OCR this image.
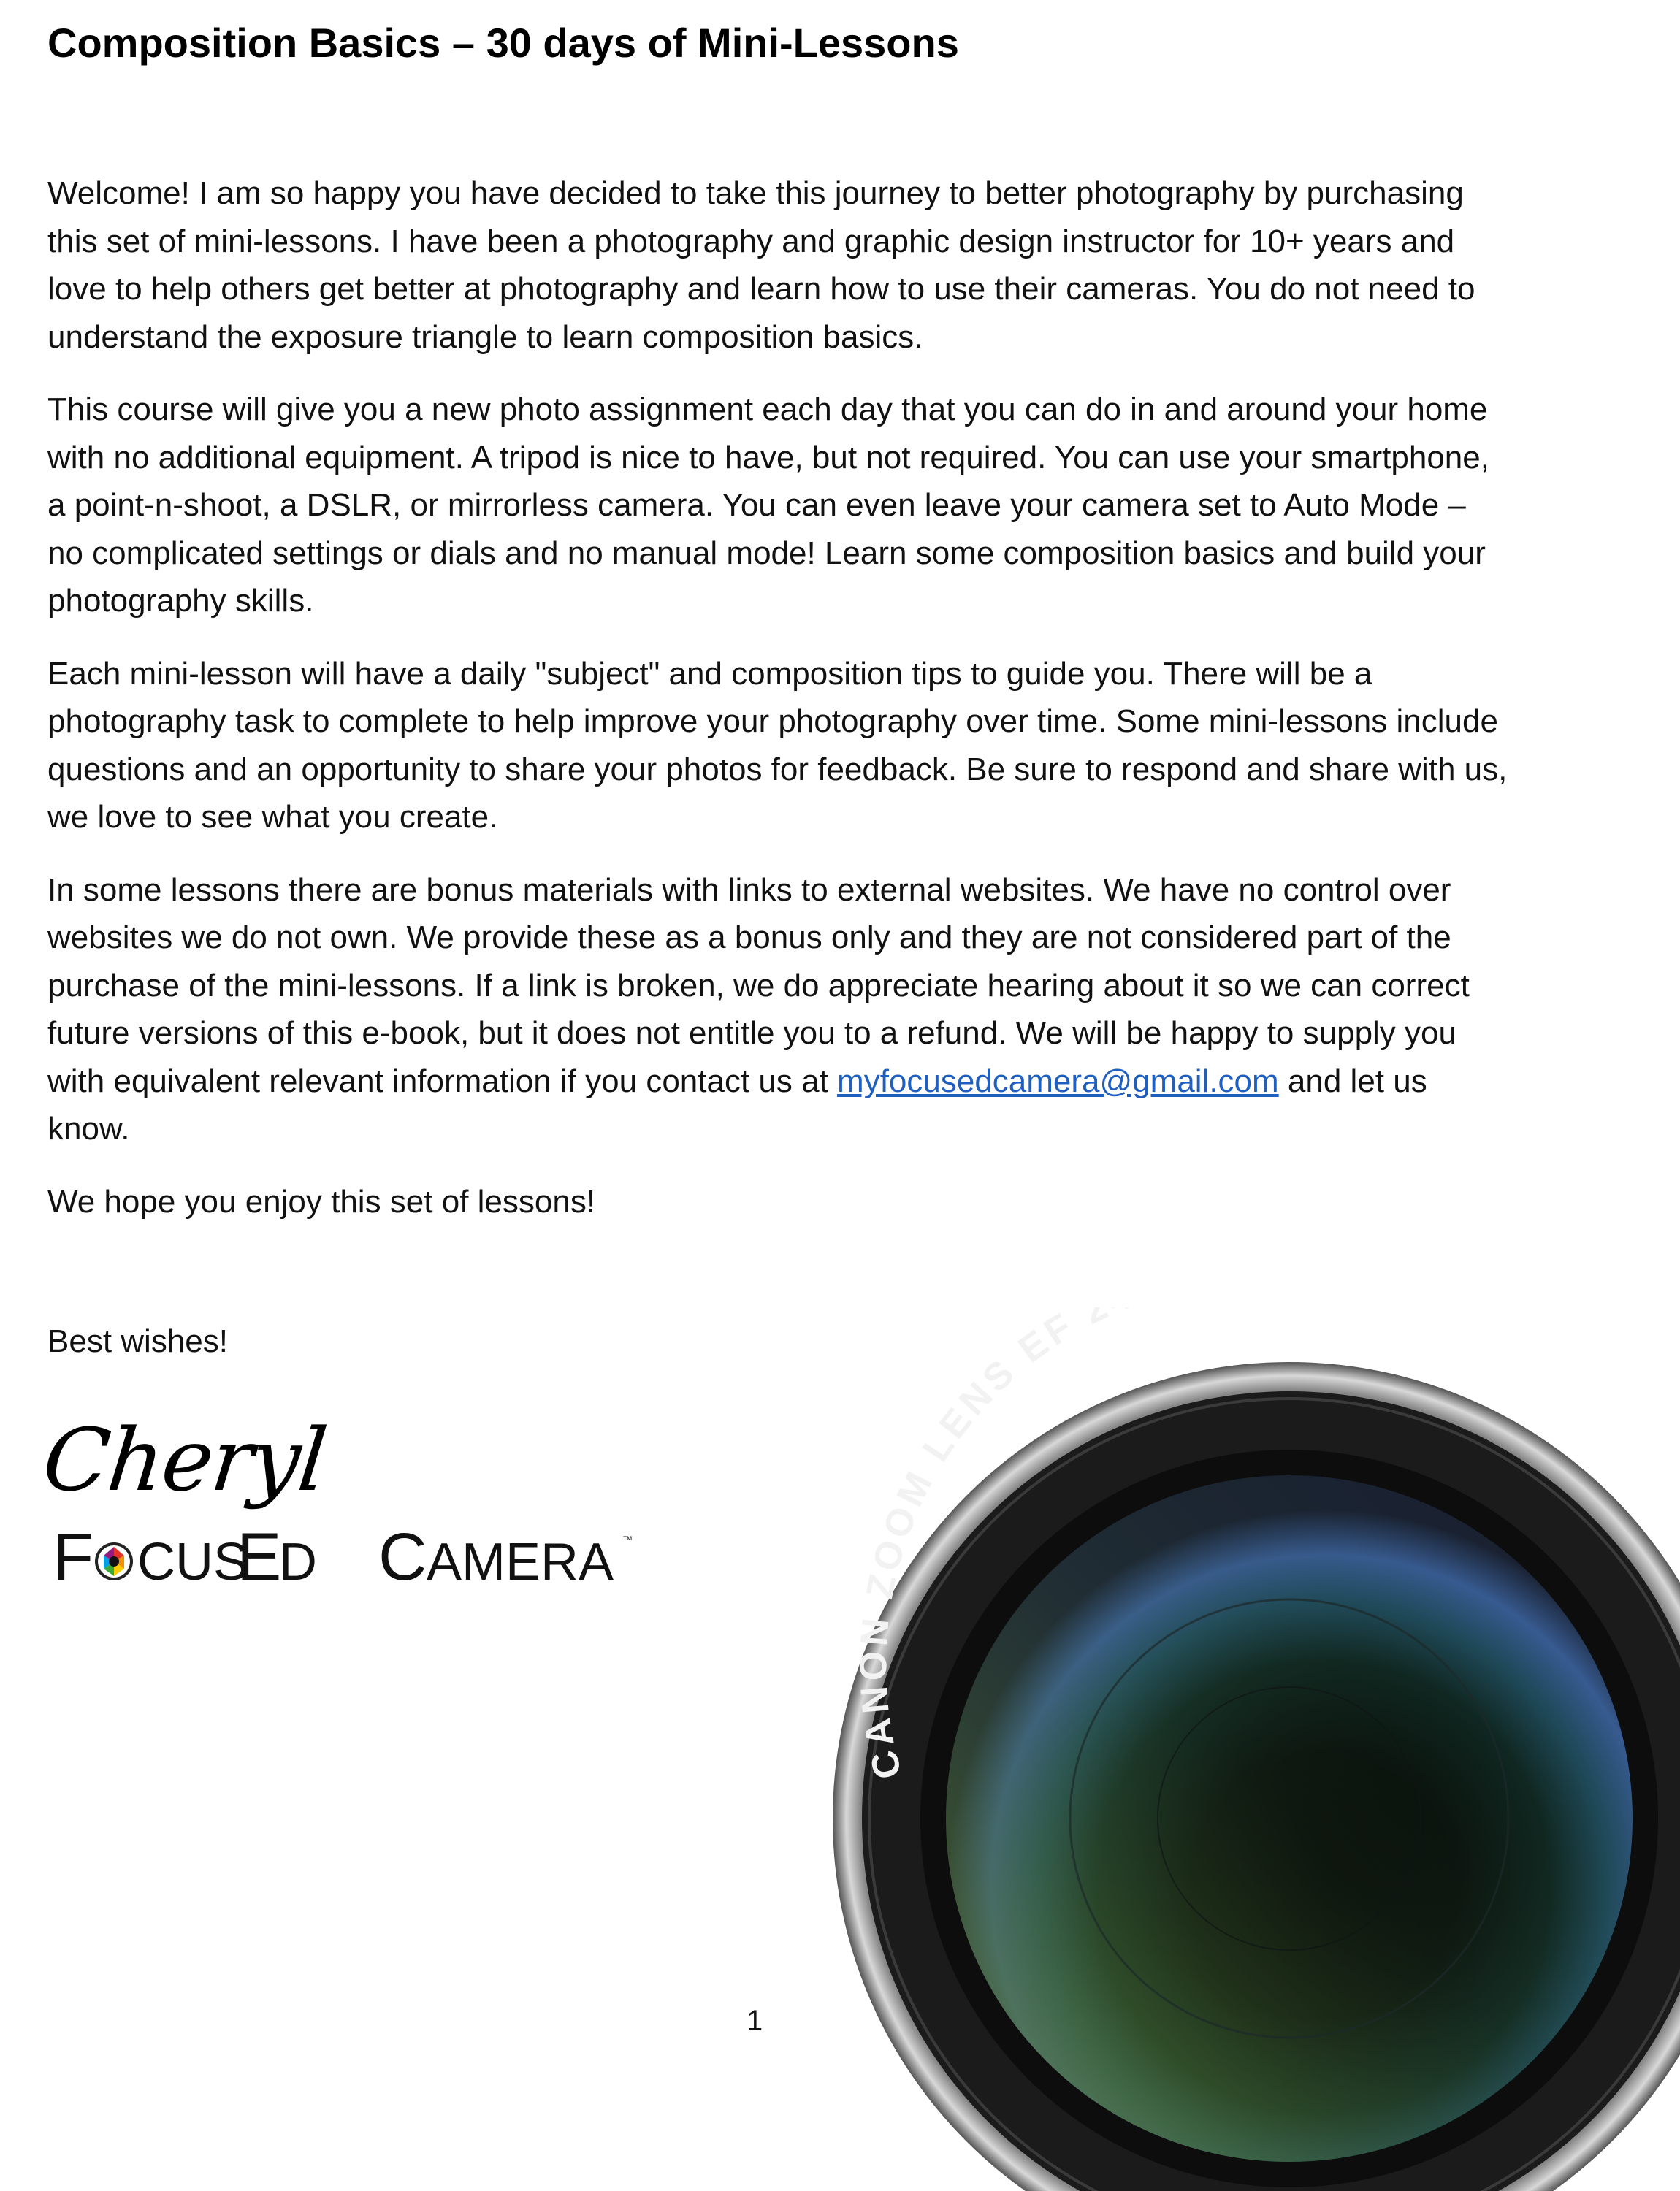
Composition Basics – 30 days of Mini-Lessons

Welcome! I am so happy you have decided to take this journey to better photography by purchasing this set of mini-lessons. I have been a photography and graphic design instructor for 10+ years and love to help others get better at photography and learn how to use their cameras. You do not need to understand the exposure triangle to learn composition basics.

This course will give you a new photo assignment each day that you can do in and around your home with no additional equipment. A tripod is nice to have, but not required. You can use your smartphone, a point-n-shoot, a DSLR, or mirrorless camera. You can even leave your camera set to Auto Mode – no complicated settings or dials and no manual mode! Learn some composition basics and build your photography skills.

Each mini-lesson will have a daily "subject" and composition tips to guide you. There will be a photography task to complete to help improve your photography over time. Some mini-lessons include questions and an opportunity to share your photos for feedback. Be sure to respond and share with us, we love to see what you create.

In some lessons there are bonus materials with links to external websites. We have no control over websites we do not own. We provide these as a bonus only and they are not considered part of the purchase of the mini-lessons. If a link is broken, we do appreciate hearing about it so we can correct future versions of this e-book, but it does not entitle you to a refund. We will be happy to supply you with equivalent relevant information if you contact us at myfocusedcamera@gmail.com and let us know.

We hope you enjoy this set of lessons!

Best wishes!

Cheryl

F CUS
E
D C AMERA ™
CANON ZOOM LENS EF 2

1
